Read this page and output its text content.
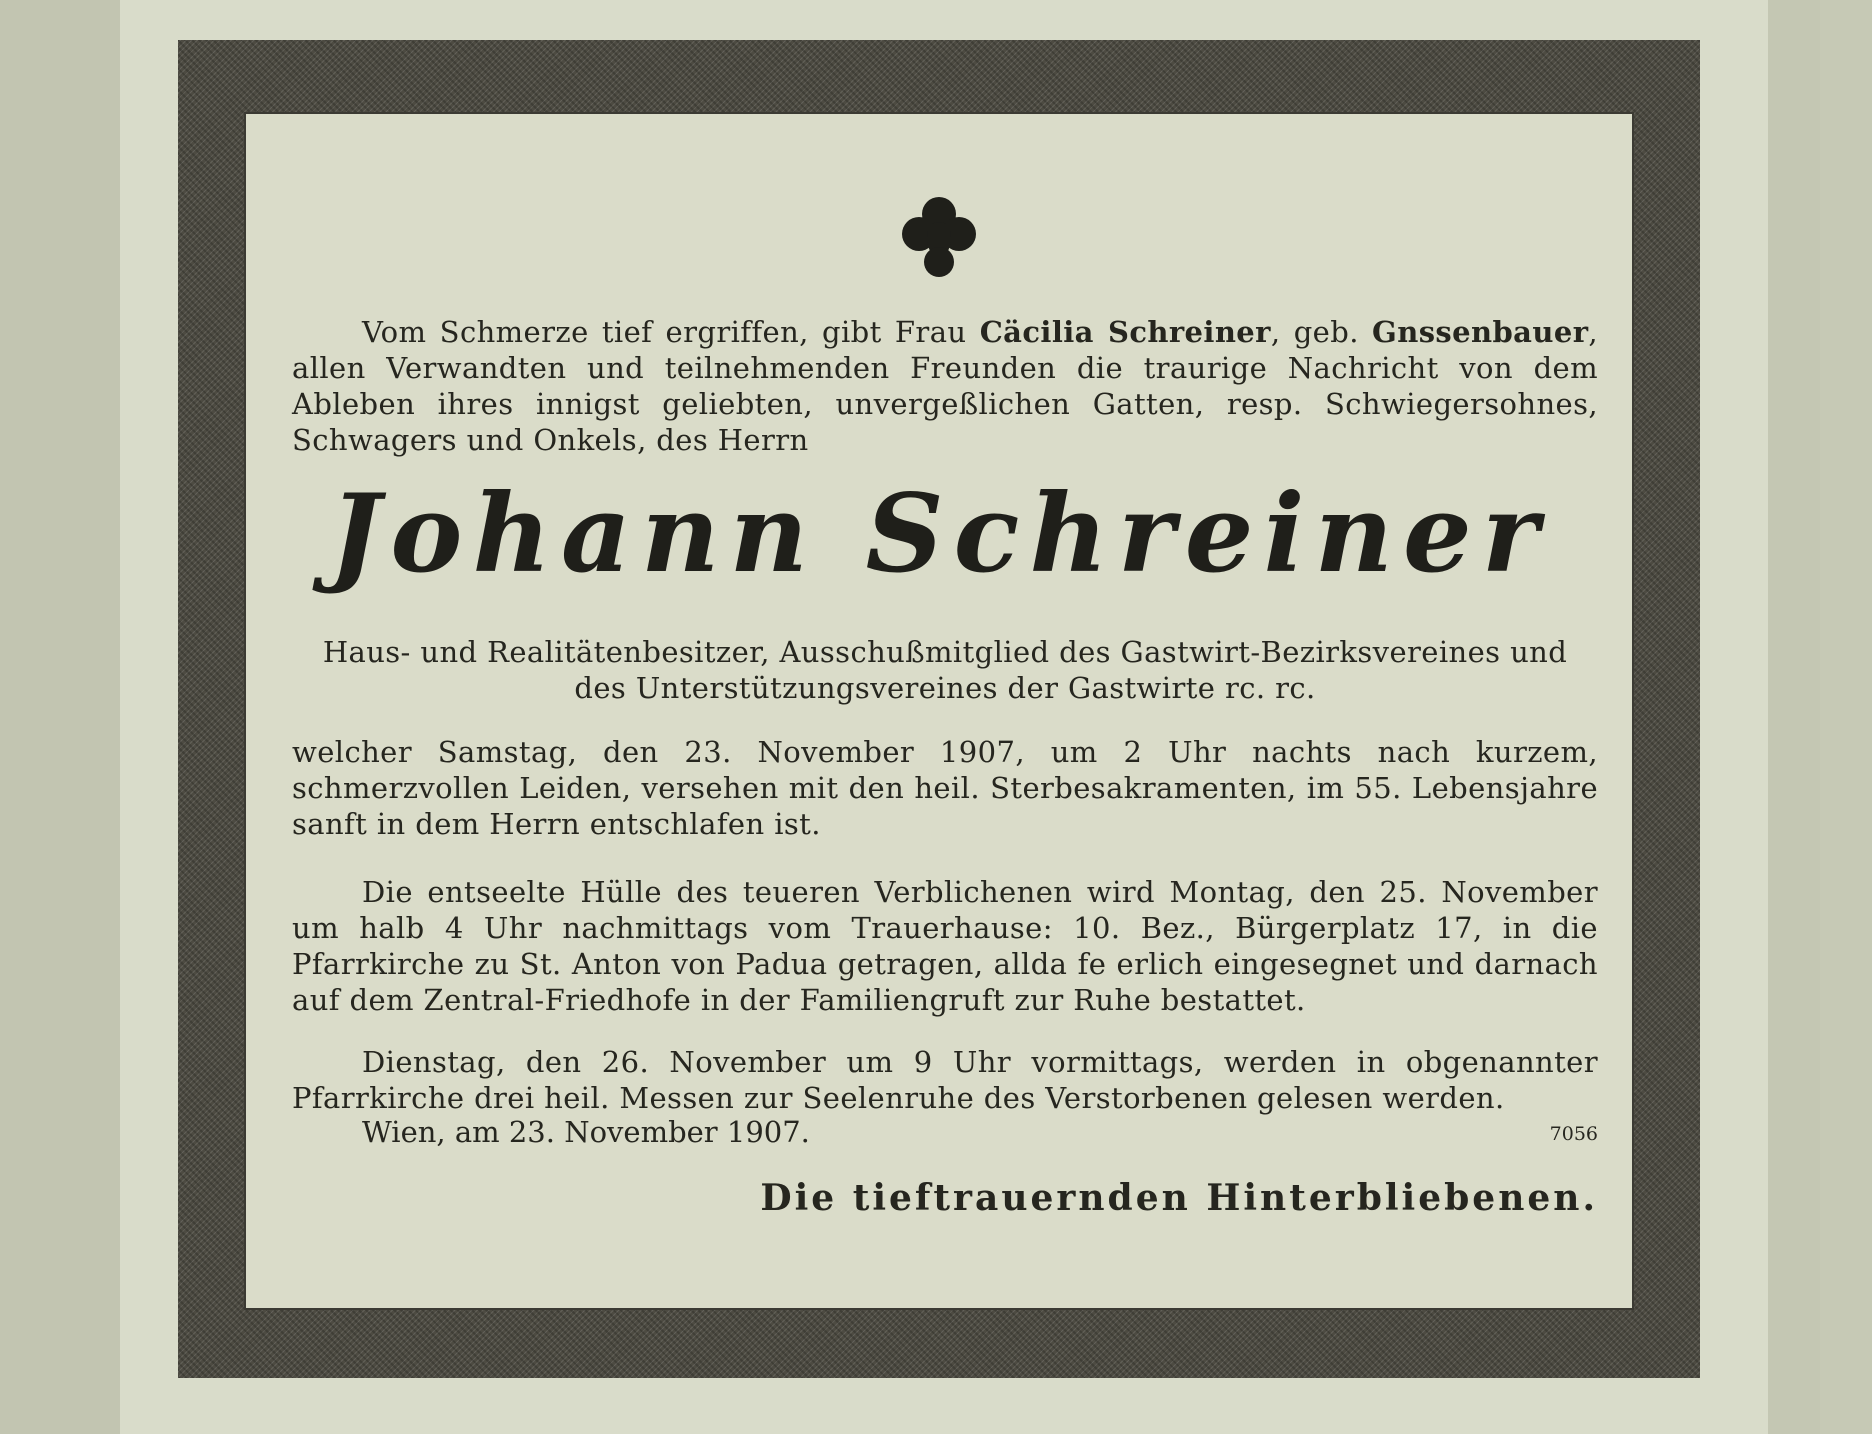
Vom Schmerze tief ergriffen, gibt Frau Cäcilia Schreiner, geb. Gnssenbauer, allen Verwandten und teilnehmenden Freunden die traurige Nachricht von dem Ableben ihres innigst geliebten, unvergeßlichen Gatten, resp. Schwiegersohnes, Schwagers und Onkels, des Herrn
Johann Schreiner
Haus- und Realitätenbesitzer, Ausschußmitglied des Gastwirt-Bezirksvereines und
des Unterstützungsvereines der Gastwirte rc. rc.
welcher Samstag, den 23. November 1907, um 2 Uhr nachts nach kurzem, schmerzvollen Leiden, versehen mit den heil. Sterbesakramenten, im 55. Lebensjahre sanft in dem Herrn entschlafen ist.
Die entseelte Hülle des teueren Verblichenen wird Montag, den 25. November um halb 4 Uhr nachmittags vom Trauerhause: 10. Bez., Bürgerplatz 17, in die Pfarrkirche zu St. Anton von Padua getragen, allda fe erlich eingesegnet und darnach auf dem Zentral-Friedhofe in der Familiengruft zur Ruhe bestattet.
Dienstag, den 26. November um 9 Uhr vormittags, werden in obgenannter Pfarrkirche drei heil. Messen zur Seelenruhe des Verstorbenen gelesen werden.
Wien, am 23. November 1907.	7056
Die tieftrauernden Hinterbliebenen.
